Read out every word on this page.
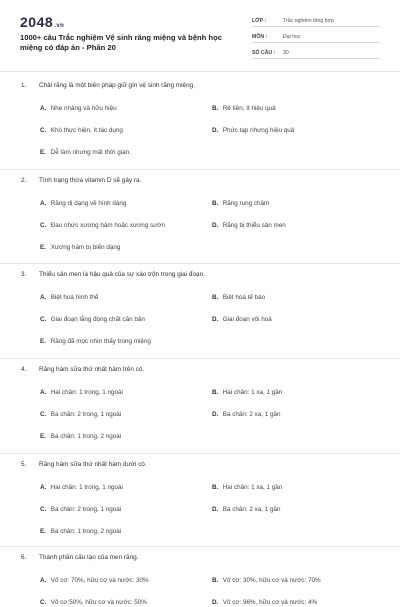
2048.vn
1000+ câu Trắc nghiệm Vệ sinh răng miệng và bệnh học miệng có đáp án - Phần 20
LỚP :	Trắc nghiệm tổng hợp
MÔN :	Đại học
SỐ CÂU :	30
1. Chải răng là một biện pháp giữ gìn vệ sinh răng miệng.
A. Nhẹ nhàng và hữu hiệu	B. Rẻ tiền, ít hiệu quả
C. Khó thực hiện, ít tác dụng	D. Phức tạp nhưng hiệu quả
E. Dễ làm nhưng mất thời gian.
2. Tình trạng thừa vitamin D sẽ gây ra.
A. Răng dị dạng về hình dáng	B. Răng rụng chậm
C. Đau nhức xương hàm hoặc xương sườn	D. Răng bị thiểu sản men
E. Xương hàm bị biến dạng
3. Thiểu sản men là hậu quả của sự xáo trộn trong giai đoạn.
A. Biệt hoá hình thể	B. Biệt hoá tế bào
C. Giai đoạn lắng đọng chất căn bản	D. Giai đoạn vôi hoá
E. Răng đã mọc nhìn thấy trong miệng
4. Răng hàm sữa thứ nhất hàm trên có.
A. Hai chân: 1 trong, 1 ngoài	B. Hai chân: 1 xa, 1 gần
C. Ba chân: 2 trong, 1 ngoài	D. Ba chân: 2 xa, 1 gần
E. Ba chân: 1 trong, 2 ngoài
5. Răng hàm sữa thứ nhất hàm dưới có.
A. Hai chân: 1 trong, 1 ngoài	B. Hai chân: 1 xa, 1 gần
C. Ba chân: 2 trong, 1 ngoài	D. Ba chân: 2 xa, 1 gần
E. Ba chân: 1 trong, 2 ngoài
6. Thành phần cấu tạo của men răng.
A. Vô cơ: 70%, hữu cơ và nước: 30%	B. Vô cơ: 30%, hữu cơ và nước: 70%
C. Vô cơ:50%, hữu cơ và nước: 50%	D. Vô cơ: 96%, hữu cơ và nước: 4%
